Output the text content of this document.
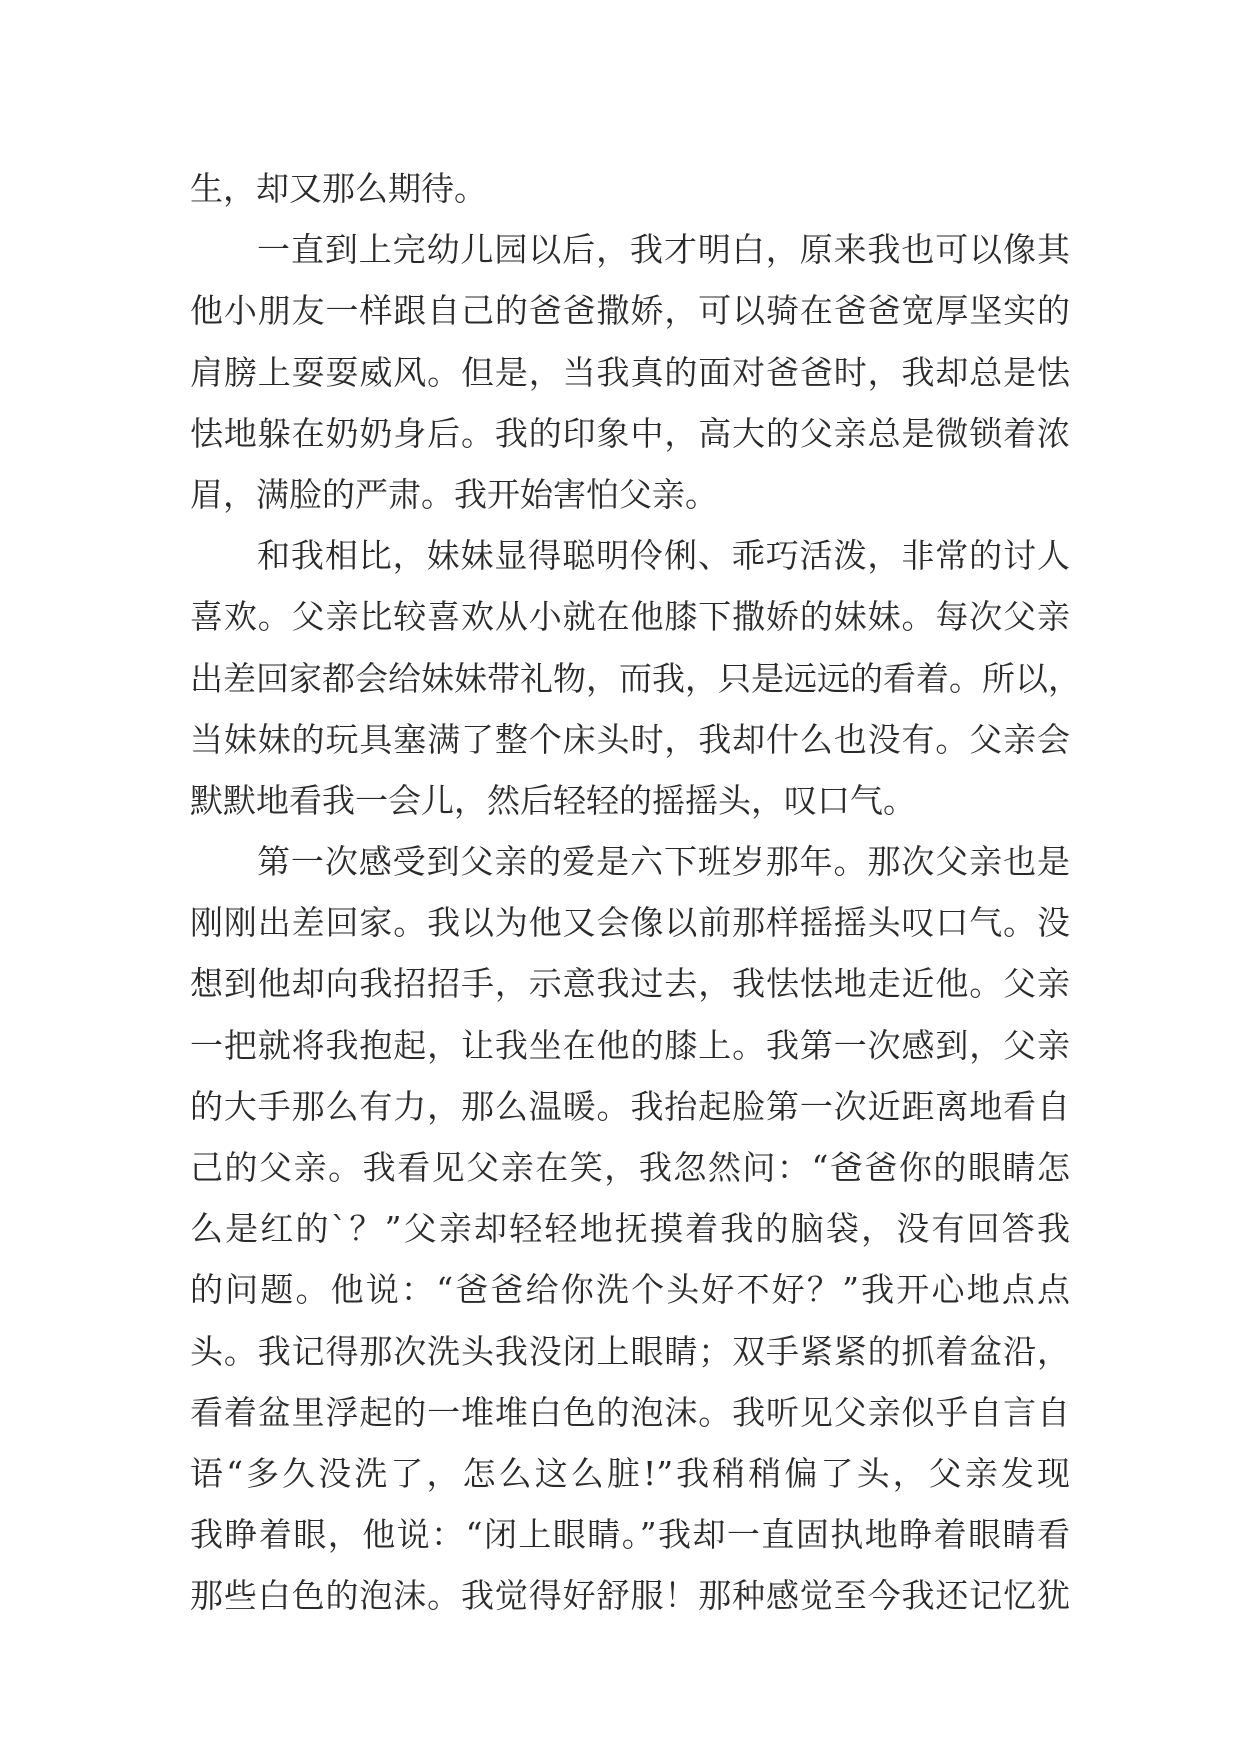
生，却又那么期待。
一直到上完幼儿园以后，我才明白，原来我也可以像其
他小朋友一样跟自己的爸爸撒娇，可以骑在爸爸宽厚坚实的
肩膀上耍耍威风。但是，当我真的面对爸爸时，我却总是怯
怯地躲在奶奶身后。我的印象中，高大的父亲总是微锁着浓
眉，满脸的严肃。我开始害怕父亲。
和我相比，妹妹显得聪明伶俐、乖巧活泼，非常的讨人
喜欢。父亲比较喜欢从小就在他膝下撒娇的妹妹。每次父亲
出差回家都会给妹妹带礼物，而我，只是远远的看着。所以，
当妹妹的玩具塞满了整个床头时，我却什么也没有。父亲会
默默地看我一会儿，然后轻轻的摇摇头，叹口气。
第一次感受到父亲的爱是六下班岁那年。那次父亲也是
刚刚出差回家。我以为他又会像以前那样摇摇头叹口气。没
想到他却向我招招手，示意我过去，我怯怯地走近他。父亲
一把就将我抱起，让我坐在他的膝上。我第一次感到，父亲
的大手那么有力，那么温暖。我抬起脸第一次近距离地看自
己的父亲。我看见父亲在笑，我忽然问：“爸爸你的眼睛怎
么是红的`？”父亲却轻轻地抚摸着我的脑袋，没有回答我
的问题。他说：“爸爸给你洗个头好不好？”我开心地点点
头。我记得那次洗头我没闭上眼睛；双手紧紧的抓着盆沿，
看着盆里浮起的一堆堆白色的泡沫。我听见父亲似乎自言自
语“多久没洗了，怎么这么脏!”我稍稍偏了头，父亲发现
我睁着眼，他说：“闭上眼睛。”我却一直固执地睁着眼睛看
那些白色的泡沫。我觉得好舒服！那种感觉至今我还记忆犹
